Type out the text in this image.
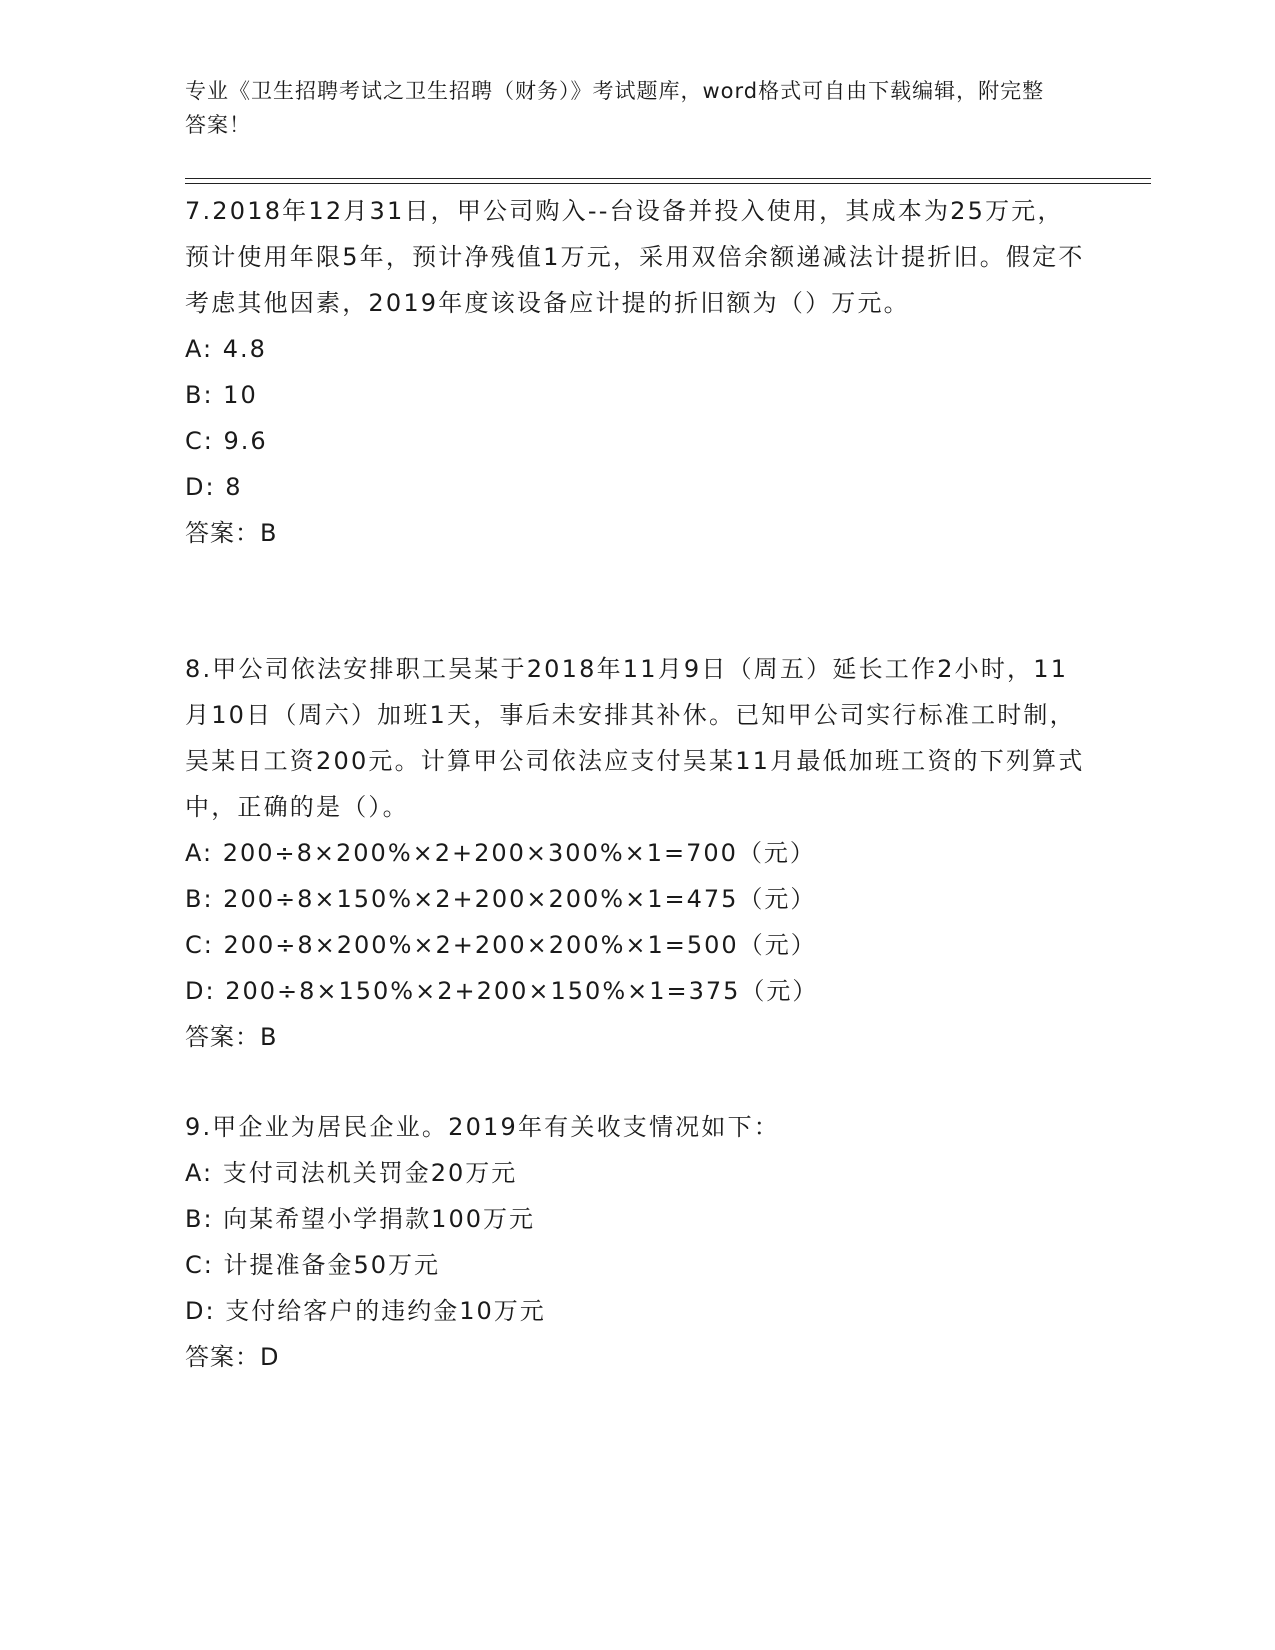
专业《卫生招聘考试之卫生招聘（财务）》考试题库，word格式可自由下载编辑，附完整答案！

7.2018年12月31日，甲公司购入--台设备并投入使用，其成本为25万元，预计使用年限5年，预计净残值1万元，采用双倍余额递减法计提折旧。假定不考虑其他因素，2019年度该设备应计提的折旧额为（）万元。

A: 4.8

B: 10

C: 9.6

D: 8

答案：B

8.甲公司依法安排职工吴某于2018年11月9日（周五）延长工作2小时，11月10日（周六）加班1天，事后未安排其补休。已知甲公司实行标准工时制，吴某日工资200元。计算甲公司依法应支付吴某11月最低加班工资的下列算式中，正确的是（）。

A: 200÷8×200%×2+200×300%×1=700（元）

B: 200÷8×150%×2+200×200%×1=475（元）

C: 200÷8×200%×2+200×200%×1=500（元）

D: 200÷8×150%×2+200×150%×1=375（元）

答案：B

9.甲企业为居民企业。2019年有关收支情况如下：

A: 支付司法机关罚金20万元

B: 向某希望小学捐款100万元

C: 计提准备金50万元

D: 支付给客户的违约金10万元

答案：D
